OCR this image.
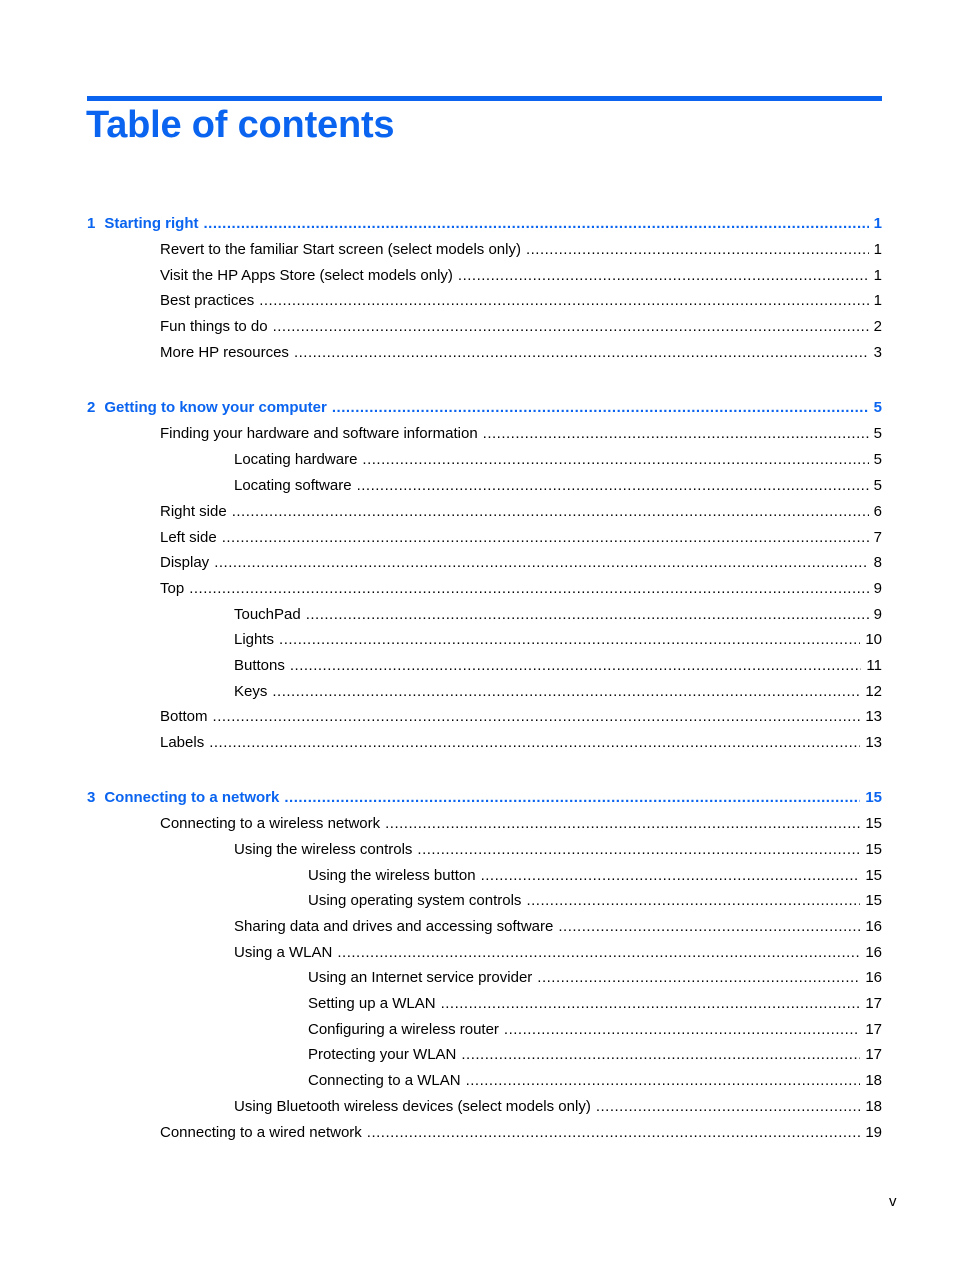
Table of contents
1 Starting right .....	1
Revert to the familiar Start screen (select models only) .....	1
Visit the HP Apps Store (select models only) .....	1
Best practices .....	1
Fun things to do .....	2
More HP resources .....	3
2 Getting to know your computer .....	5
Finding your hardware and software information .....	5
Locating hardware .....	5
Locating software .....	5
Right side .....	6
Left side .....	7
Display .....	8
Top .....	9
TouchPad .....	9
Lights .....	10
Buttons .....	11
Keys .....	12
Bottom .....	13
Labels .....	13
3 Connecting to a network .....	15
Connecting to a wireless network .....	15
Using the wireless controls .....	15
Using the wireless button .....	15
Using operating system controls .....	15
Sharing data and drives and accessing software .....	16
Using a WLAN .....	16
Using an Internet service provider .....	16
Setting up a WLAN .....	17
Configuring a wireless router .....	17
Protecting your WLAN .....	17
Connecting to a WLAN .....	18
Using Bluetooth wireless devices (select models only) .....	18
Connecting to a wired network .....	19
v
